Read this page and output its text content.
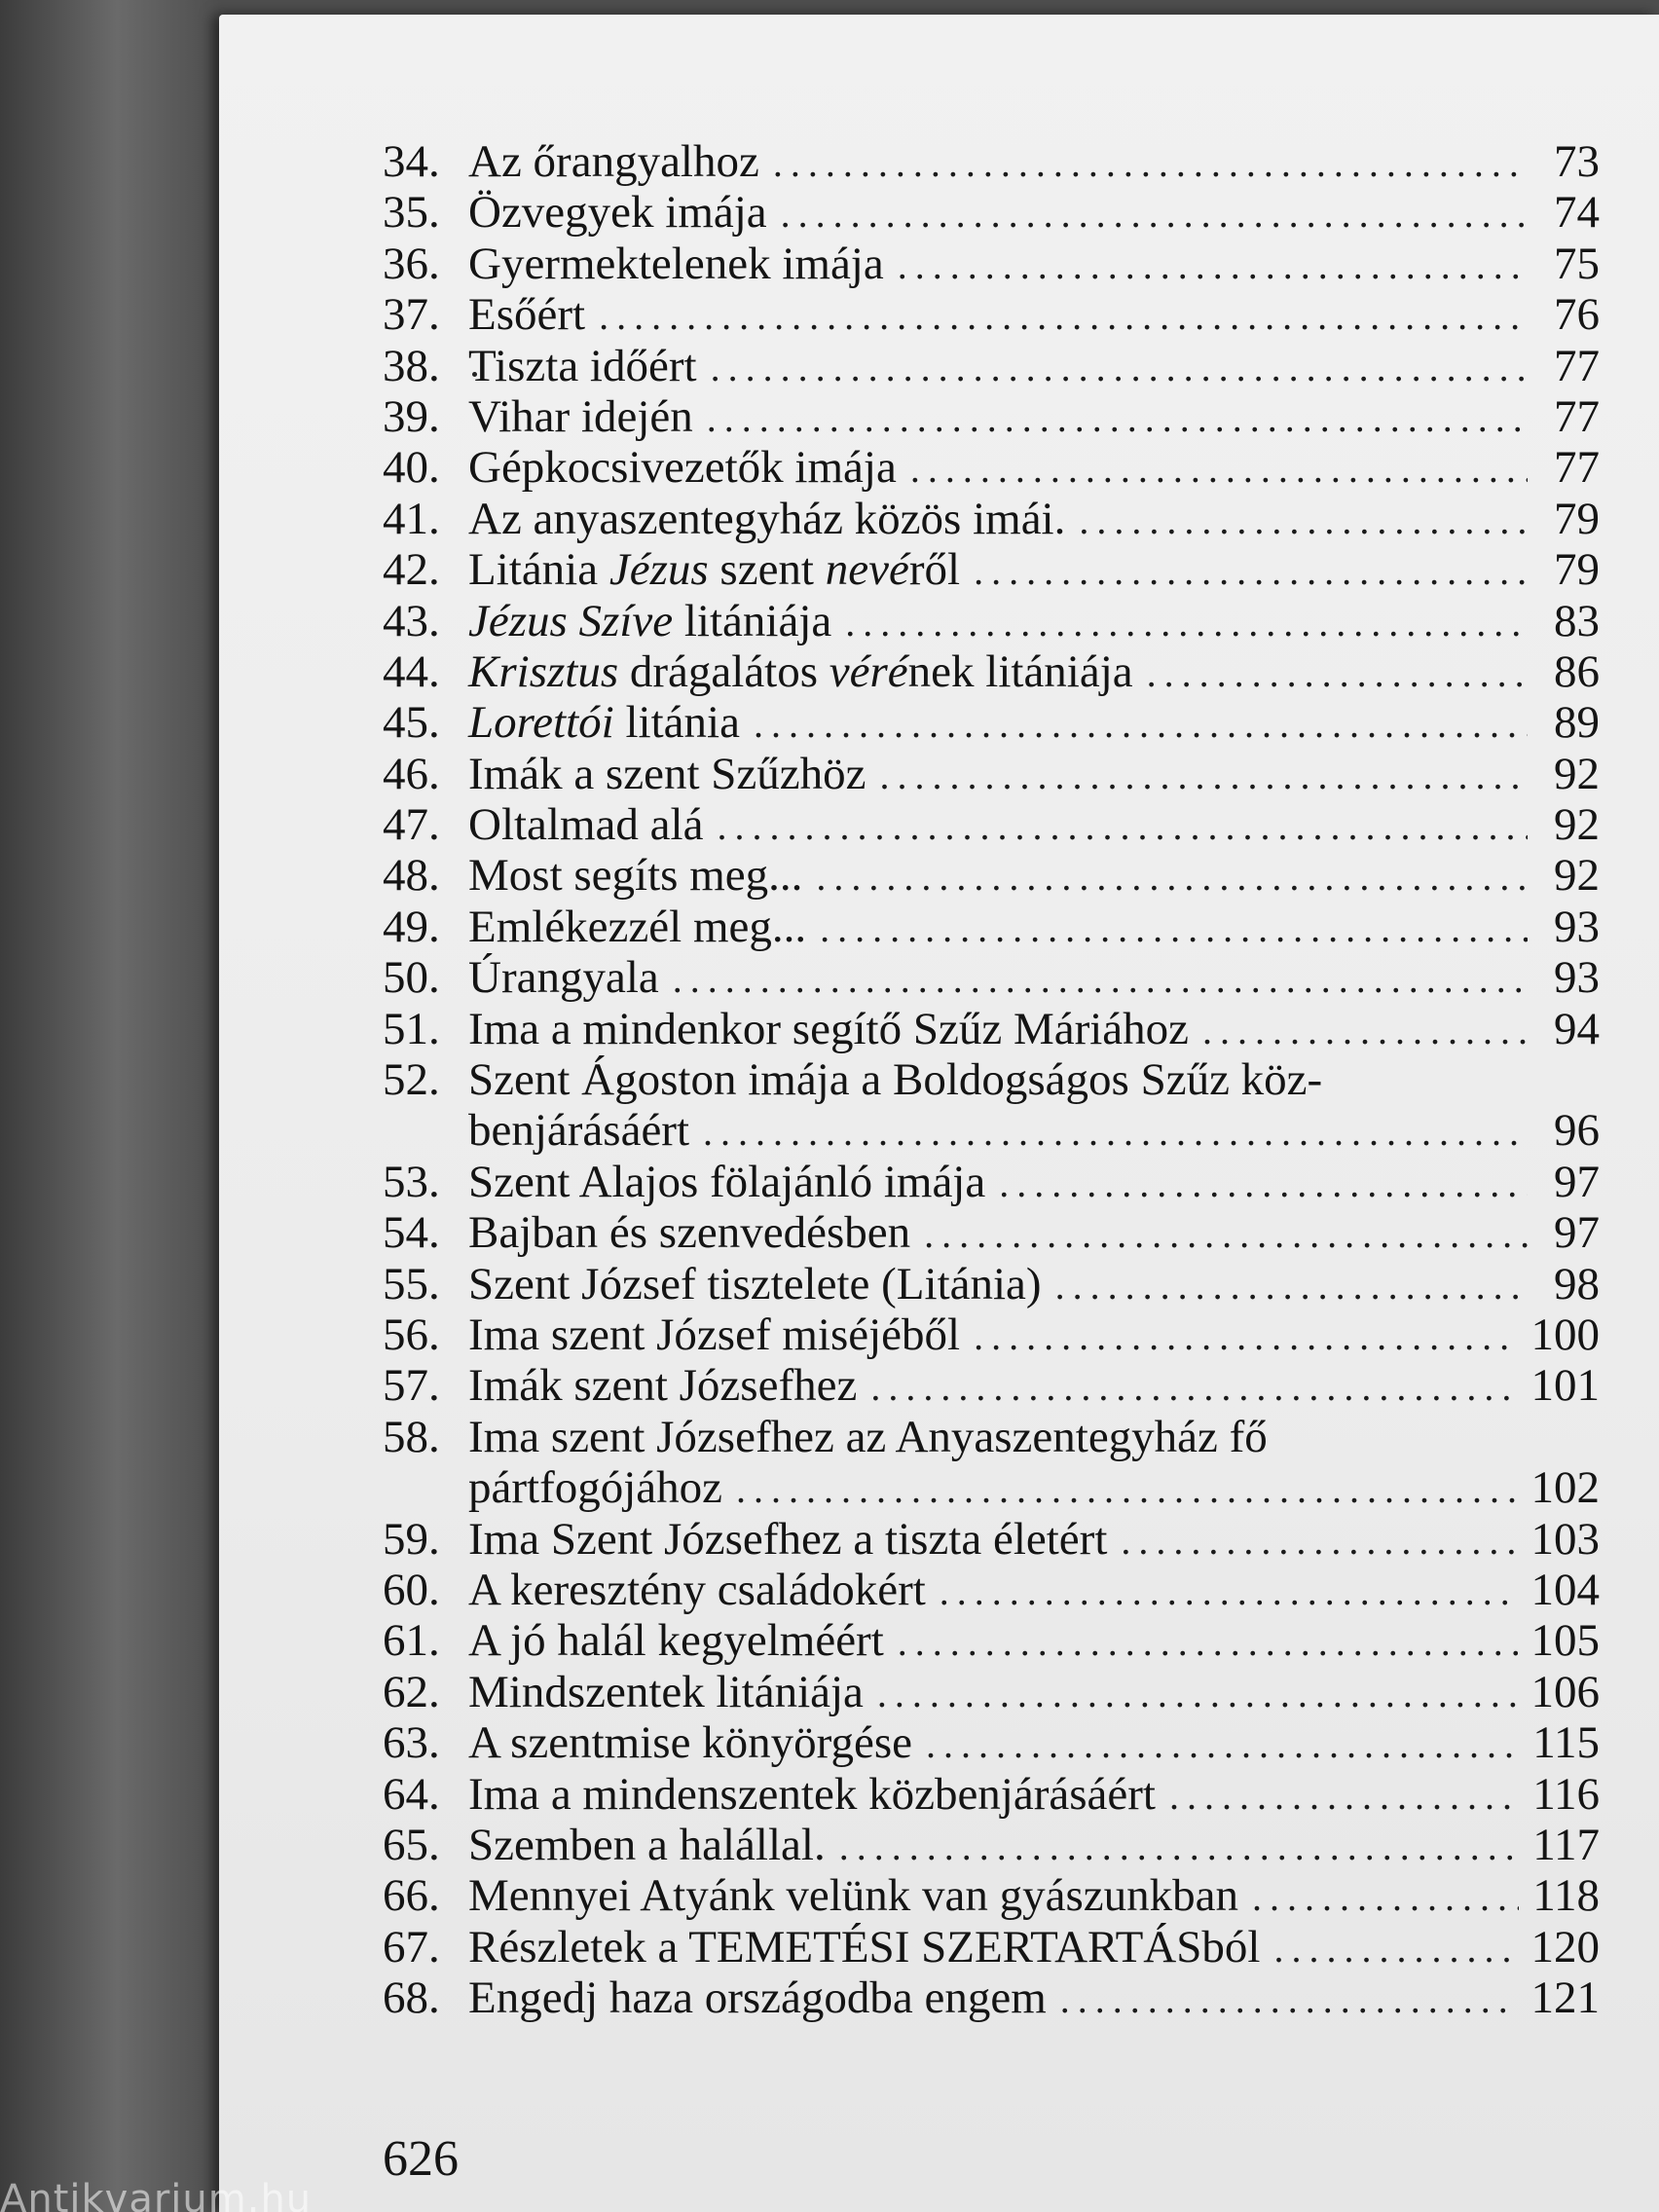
34. Az őrangyalhoz .....	73
35. Özvegyek imája .....	74
36. Gyermektelenek imája .....	75
37. Esőért .....	76
38. Tiszta időért .....	77
39. Vihar idején .....	77
40. Gépkocsivezetők imája .....	77
41. Az anyaszentegyház közös imái. .....	79
42. Litánia Jézus szent nevéről .....	79
43. Jézus Szíve litániája .....	83
44. Krisztus drágalátos vérének litániája .....	86
45. Lorettói litánia .....	89
46. Imák a szent Szűzhöz .....	92
47. Oltalmad alá .....	92
48. Most segíts meg... .....	92
49. Emlékezzél meg... .....	93
50. Úrangyala .....	93
51. Ima a mindenkor segítő Szűz Máriához .....	94
52. Szent Ágoston imája a Boldogságos Szűz köz-
benjárásáért .....	96
53. Szent Alajos fölajánló imája .....	97
54. Bajban és szenvedésben .....	97
55. Szent József tisztelete (Litánia) .....	98
56. Ima szent József miséjéből .....	100
57. Imák szent Józsefhez .....	101
58. Ima szent Józsefhez az Anyaszentegyház fő
pártfogójához .....	102
59. Ima Szent Józsefhez a tiszta életért .....	103
60. A keresztény családokért .....	104
61. A jó halál kegyelméért .....	105
62. Mindszentek litániája .....	106
63. A szentmise könyörgése .....	115
64. Ima a mindenszentek közbenjárásáért .....	116
65. Szemben a halállal. .....	117
66. Mennyei Atyánk velünk van gyászunkban .....	118
67. Részletek a TEMETÉSI SZERTARTÁSból .....	120
68. Engedj haza országodba engem .....	121
626
Antikvarium.hu
